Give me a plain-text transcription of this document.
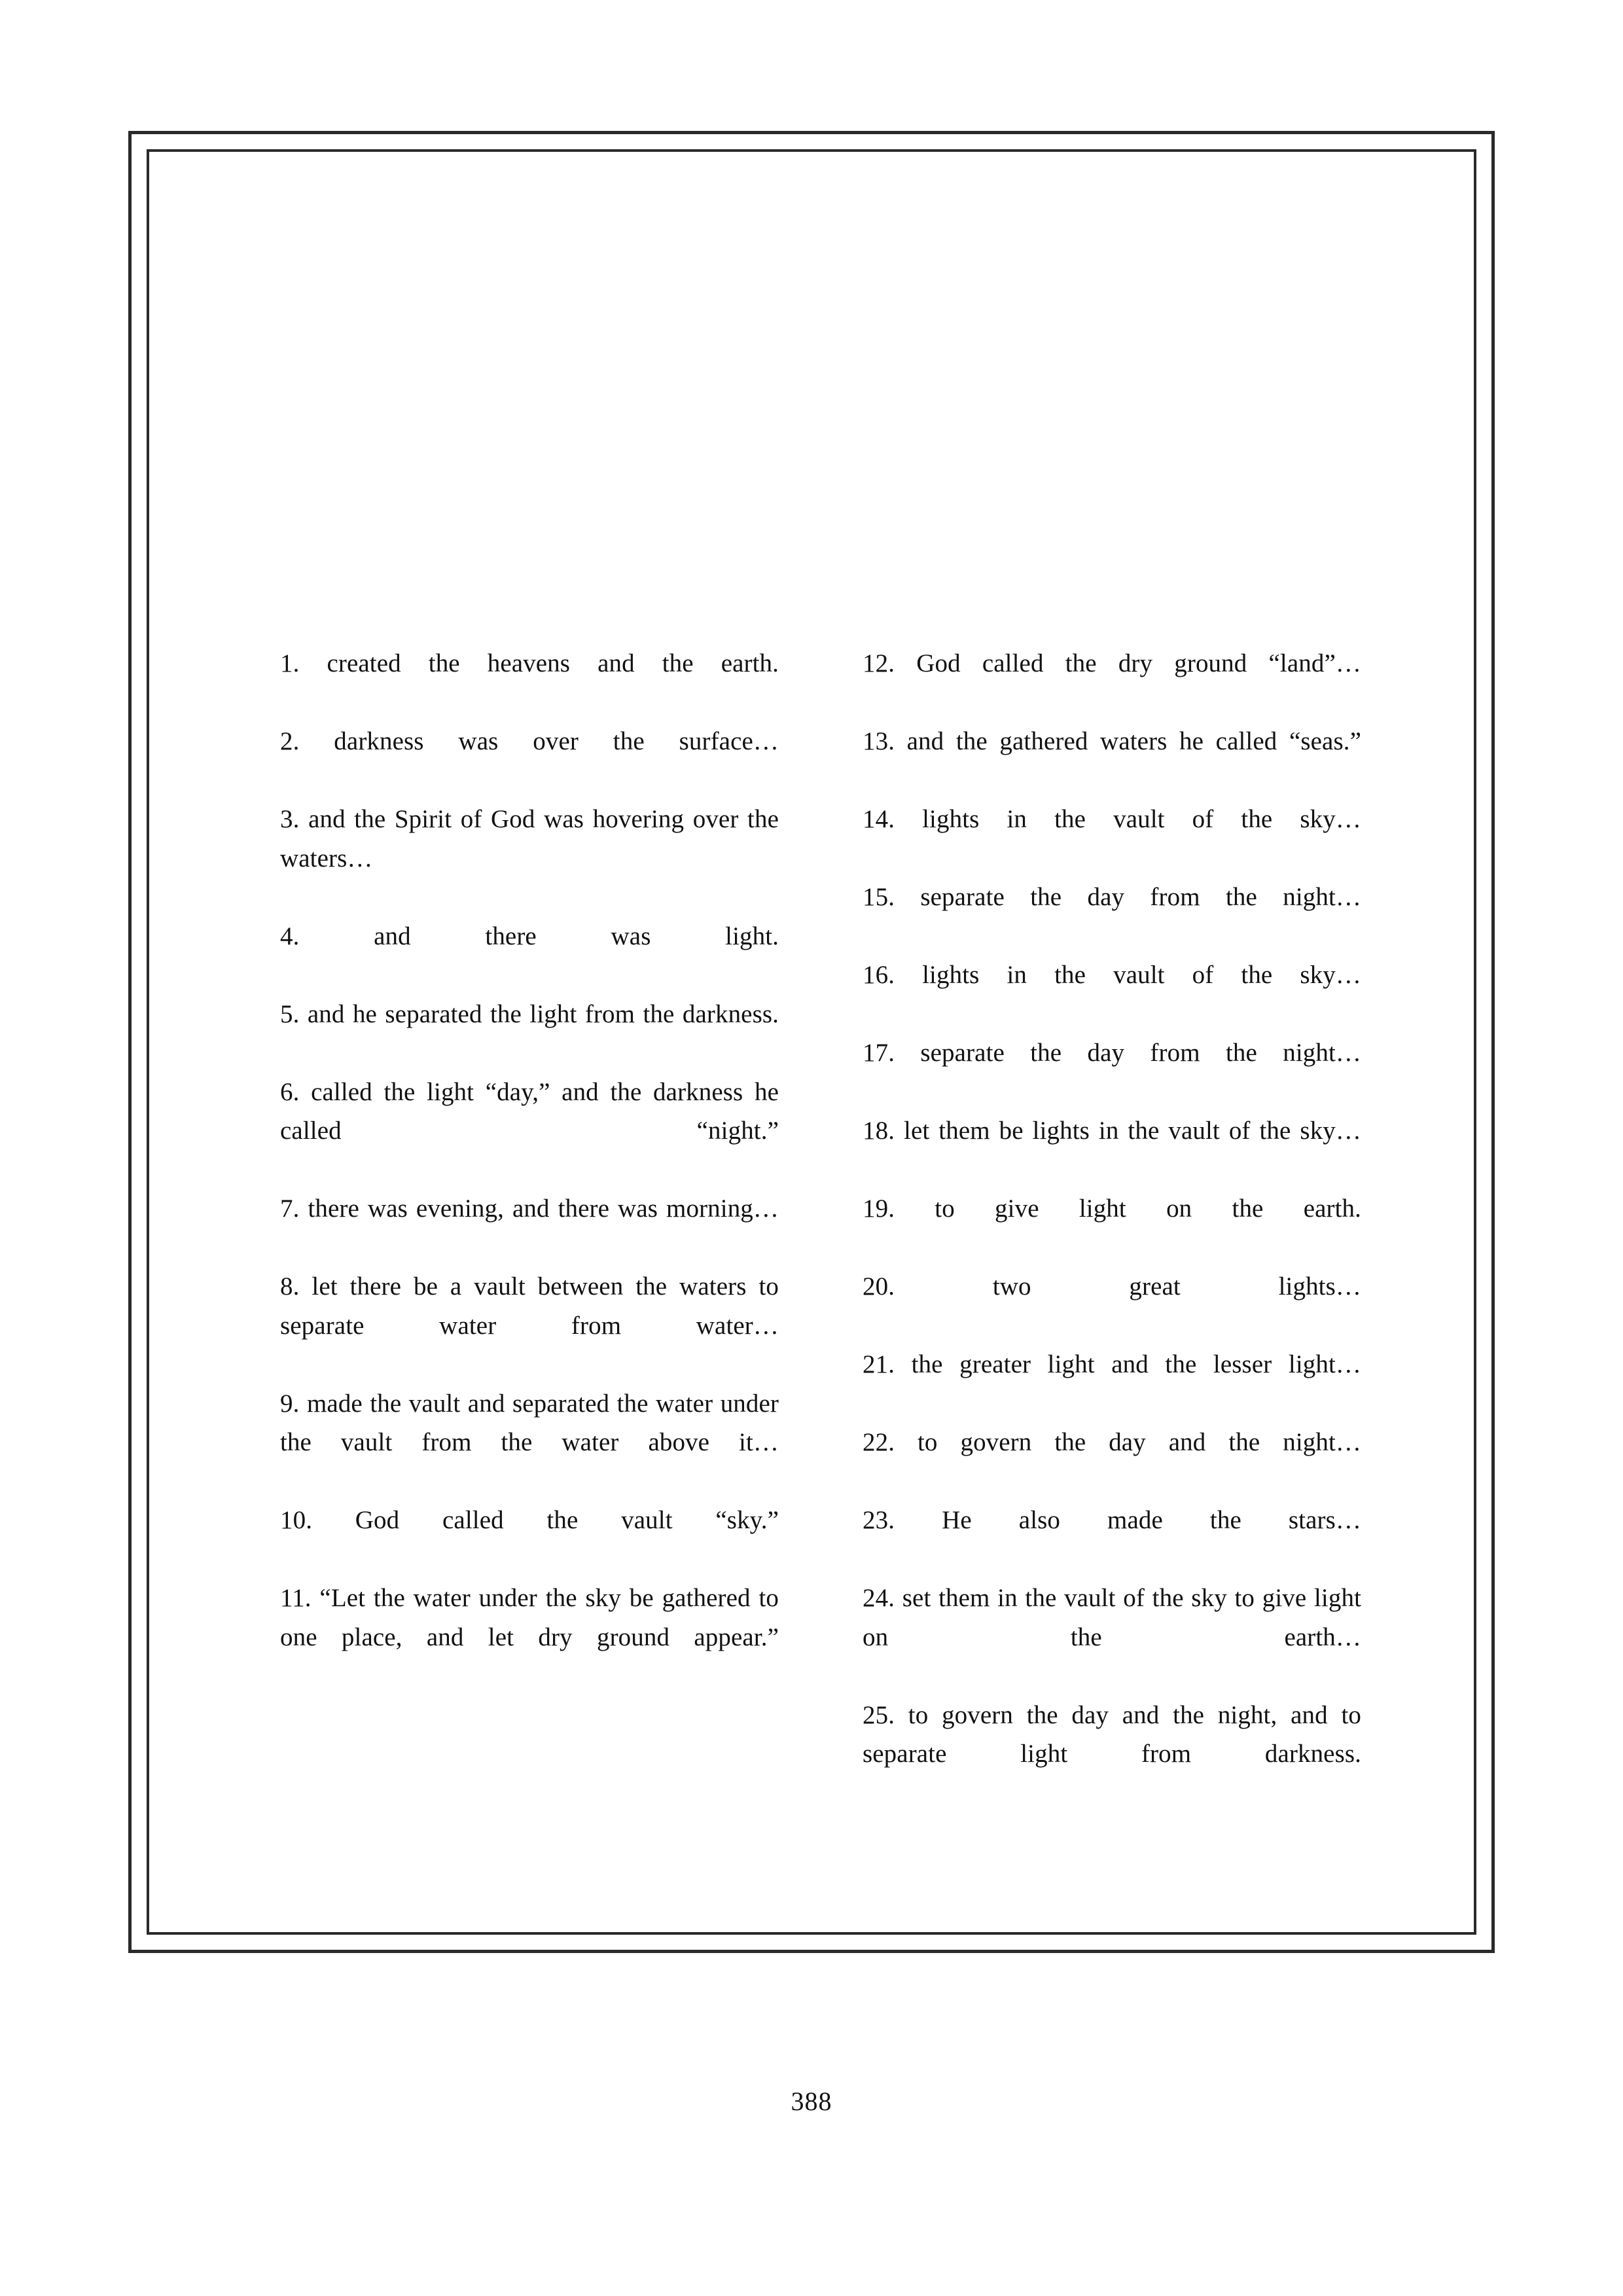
1. created the heavens and the earth.

2. darkness was over the surface…

3. and the Spirit of God was hovering over the waters…

4. and there was light.

5. and he separated the light from the darkness.

6. called the light “day,” and the darkness he called “night.”

7. there was evening, and there was morning…

8. let there be a vault between the waters to separate water from water…

9. made the vault and separated the water under the vault from the water above it…

10. God called the vault “sky.”

11. “Let the water under the sky be gathered to one place, and let dry ground appear.”

12. God called the dry ground “land”…

13. and the gathered waters he called “seas.”

14. lights in the vault of the sky…

15. separate the day from the night…

16. lights in the vault of the sky…

17. separate the day from the night…

18. let them be lights in the vault of the sky…

19. to give light on the earth.

20. two great lights…

21. the greater light and the lesser light…

22. to govern the day and the night…

23. He also made the stars…

24. set them in the vault of the sky to give light on the earth…

25. to govern the day and the night, and to separate light from darkness.

388
